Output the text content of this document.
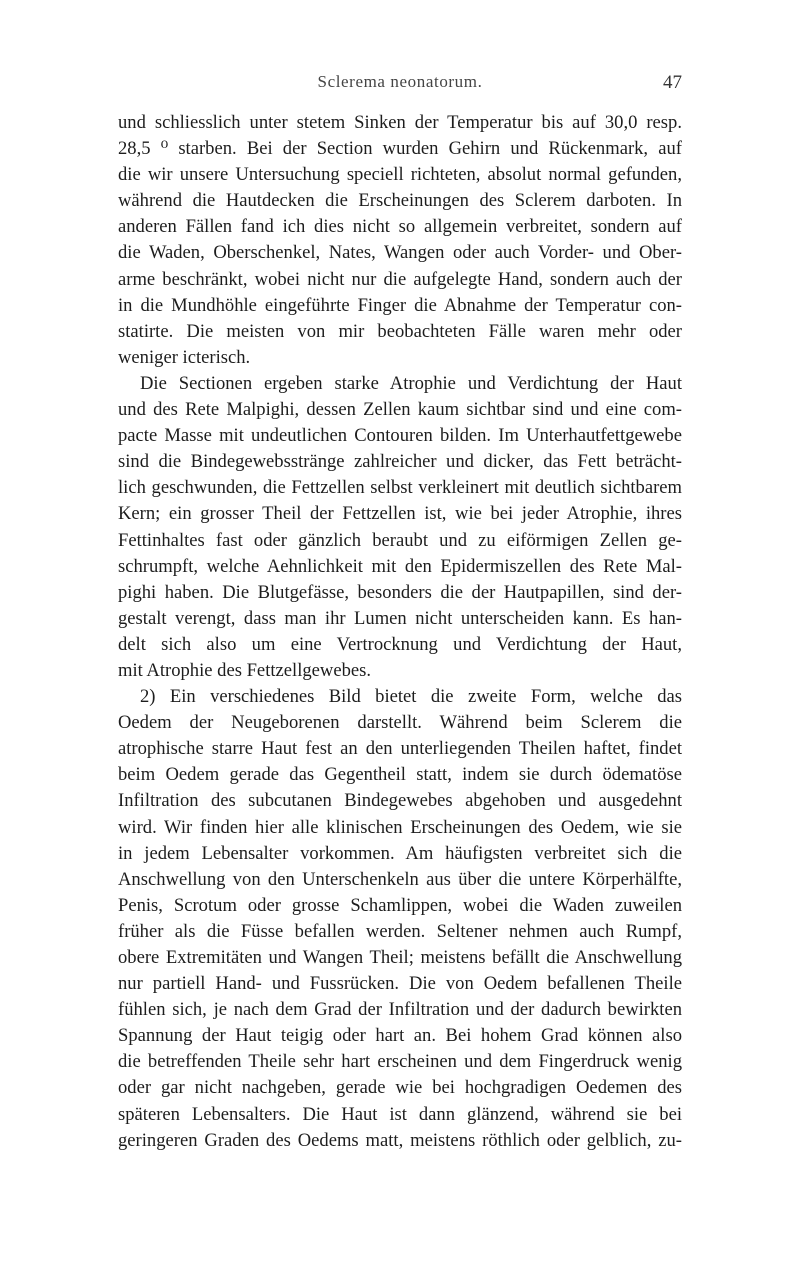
Sclerema neonatorum.	47
und schliesslich unter stetem Sinken der Temperatur bis auf 30,0 resp.
28,5 ⁰ starben. Bei der Section wurden Gehirn und Rückenmark, auf
die wir unsere Untersuchung speciell richteten, absolut normal gefunden,
während die Hautdecken die Erscheinungen des Sclerem darboten. In
anderen Fällen fand ich dies nicht so allgemein verbreitet, sondern auf
die Waden, Oberschenkel, Nates, Wangen oder auch Vorder- und Ober-
arme beschränkt, wobei nicht nur die aufgelegte Hand, sondern auch der
in die Mundhöhle eingeführte Finger die Abnahme der Temperatur con-
statirte. Die meisten von mir beobachteten Fälle waren mehr oder
weniger icterisch.
Die Sectionen ergeben starke Atrophie und Verdichtung der Haut
und des Rete Malpighi, dessen Zellen kaum sichtbar sind und eine com-
pacte Masse mit undeutlichen Contouren bilden. Im Unterhautfettgewebe
sind die Bindegewebsstränge zahlreicher und dicker, das Fett beträcht-
lich geschwunden, die Fettzellen selbst verkleinert mit deutlich sichtbarem
Kern; ein grosser Theil der Fettzellen ist, wie bei jeder Atrophie, ihres
Fettinhaltes fast oder gänzlich beraubt und zu eiförmigen Zellen ge-
schrumpft, welche Aehnlichkeit mit den Epidermiszellen des Rete Mal-
pighi haben. Die Blutgefässe, besonders die der Hautpapillen, sind der-
gestalt verengt, dass man ihr Lumen nicht unterscheiden kann. Es han-
delt sich also um eine Vertrocknung und Verdichtung der Haut,
mit Atrophie des Fettzellgewebes.
2) Ein verschiedenes Bild bietet die zweite Form, welche das
Oedem der Neugeborenen darstellt. Während beim Sclerem die
atrophische starre Haut fest an den unterliegenden Theilen haftet, findet
beim Oedem gerade das Gegentheil statt, indem sie durch ödematöse
Infiltration des subcutanen Bindegewebes abgehoben und ausgedehnt
wird. Wir finden hier alle klinischen Erscheinungen des Oedem, wie sie
in jedem Lebensalter vorkommen. Am häufigsten verbreitet sich die
Anschwellung von den Unterschenkeln aus über die untere Körperhälfte,
Penis, Scrotum oder grosse Schamlippen, wobei die Waden zuweilen
früher als die Füsse befallen werden. Seltener nehmen auch Rumpf,
obere Extremitäten und Wangen Theil; meistens befällt die Anschwellung
nur partiell Hand- und Fussrücken. Die von Oedem befallenen Theile
fühlen sich, je nach dem Grad der Infiltration und der dadurch bewirkten
Spannung der Haut teigig oder hart an. Bei hohem Grad können also
die betreffenden Theile sehr hart erscheinen und dem Fingerdruck wenig
oder gar nicht nachgeben, gerade wie bei hochgradigen Oedemen des
späteren Lebensalters. Die Haut ist dann glänzend, während sie bei
geringeren Graden des Oedems matt, meistens röthlich oder gelblich, zu-
